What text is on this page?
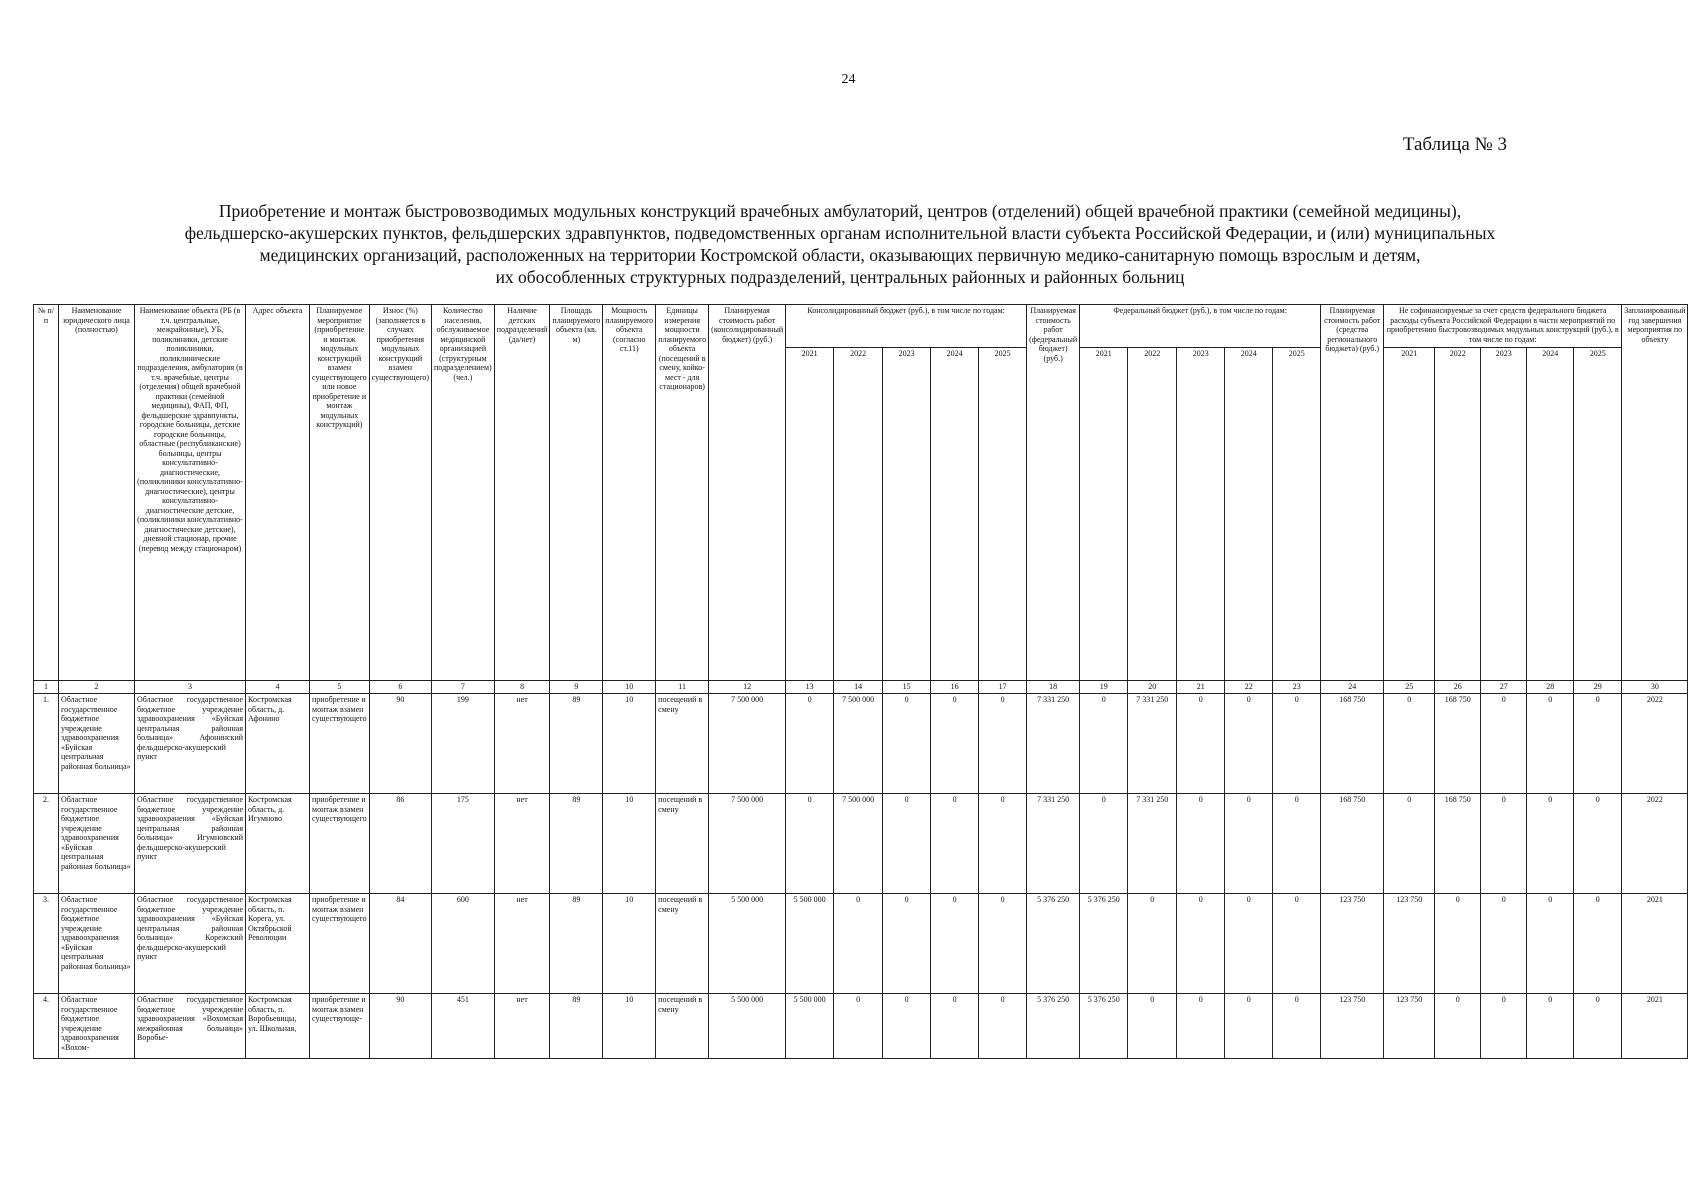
24
Таблица № 3
Приобретение и монтаж быстровозводимых модульных конструкций врачебных амбулаторий, центров (отделений) общей врачебной практики (семейной медицины),
фельдшерско-акушерских пунктов, фельдшерских здравпунктов, подведомственных органам исполнительной власти субъекта Российской Федерации, и (или) муниципальных
медицинских организаций, расположенных на территории Костромской области, оказывающих первичную медико-санитарную помощь взрослым и детям,
их обособленных структурных подразделений, центральных районных и районных больниц
№ п/п	Наименование юридического лица (полностью)	Наименование объекта (РБ (в т.ч. центральные, межрайонные), УБ, поликлиники, детские поликлиники, поликлинические подразделения, амбулатория (в т.ч. врачебные, центры (отделения) общей врачебной практики (семейной медицины), ФАП, ФП, фельдшерские здравпункты, городские больницы, детские городские больницы, областные (республиканские) больницы, центры консультативно-диагностические, (поликлиники консультативно-диагностические), центры консультативно-диагностические детские, (поликлиники консультативно-диагностические детские), дневной стационар, прочие (перевод между стационаром)	Адрес объекта	Планируемое мероприятие (приобретение и монтаж модульных конструкций взамен существующего или новое приобретение и монтаж модульных конструкций)	Износ (%) (заполняется в случаях приобретения модульных конструкций взамен существующего)	Количество населения, обслуживаемое медицинской организацией (структурным подразделением) (чел.)	Наличие детских подразделений (да/нет)	Площадь планируемого объекта (кв. м)	Мощность планируемого объекта (согласно ст.11)	Единицы измерения мощности планируемого объекта (посещений в смену, койко-мест - для стационаров)	Планируемая стоимость работ (консолидированный бюджет) (руб.)	Консолидированный бюджет (руб.), в том числе по годам:					Планируемая стоимость работ (федеральный бюджет) (руб.)	Федеральный бюджет (руб.), в том числе по годам:					Планируемая стоимость работ (средства регионального бюджета) (руб.)	Не софинансируемые за счет средств федерального бюджета расходы субъекта Российской Федерации в части мероприятий по приобретению быстровозводимых модульных конструкций (руб.), в том числе по годам:					Запланированный год завершения мероприятия по объекту
												2021	2022	2023	2024	2025		2021	2022	2023	2024	2025		2021	2022	2023	2024	2025	
1	2	3	4	5	6	7	8	9	10	11	12	13	14	15	16	17	18	19	20	21	22	23	24	25	26	27	28	29	30
1.	Областное государственное бюджетное учреждение здравоохранения «Буйская центральная районная больница»	Областное государственное бюджетное учреждение здравоохранения «Буйская центральная районная больница» Афонинский фельдшерско-акушерский пункт	Костромская область, д. Афонино	приобретение и монтаж взамен существующего	90	199	нет	89	10	посещений в смену	7 500 000	0	7 500 000	0	0	0	7 331 250	0	7 331 250	0	0	0	168 750	0	168 750	0	0	0	2022
2.	Областное государственное бюджетное учреждение здравоохранения «Буйская центральная районная больница»	Областное государственное бюджетное учреждение здравоохранения «Буйская центральная районная больница» Игумновский фельдшерско-акушерский пункт	Костромская область, д. Игумново	приобретение и монтаж взамен существующего	86	175	нет	89	10	посещений в смену	7 500 000	0	7 500 000	0	0	0	7 331 250	0	7 331 250	0	0	0	168 750	0	168 750	0	0	0	2022
3.	Областное государственное бюджетное учреждение здравоохранения «Буйская центральная районная больница»	Областное государственное бюджетное учреждение здравоохранения «Буйская центральная районная больница» Корежский фельдшерско-акушерский пункт	Костромская область, п. Корега, ул. Октябрьской Революции	приобретение и монтаж взамен существующего	84	600	нет	89	10	посещений в смену	5 500 000	5 500 000	0	0	0	0	5 376 250	5 376 250	0	0	0	0	123 750	123 750	0	0	0	0	2021
4.	Областное государственное бюджетное учреждение здравоохранения «Вохом-	Областное государственное бюджетное учреждение здравоохранения «Вохомская межрайонная больница» Воробье-	Костромская область, п. Воробьевицы, ул. Школьная,	приобретение и монтаж взамен существующе-	90	451	нет	89	10	посещений в смену	5 500 000	5 500 000	0	0	0	0	5 376 250	5 376 250	0	0	0	0	123 750	123 750	0	0	0	0	2021
